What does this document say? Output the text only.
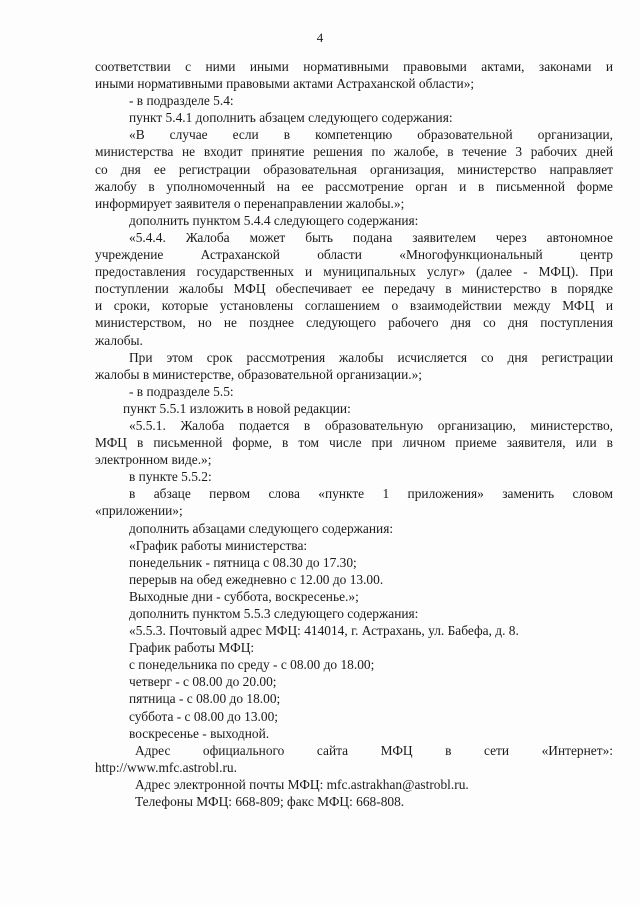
4
соответствии с ними иными нормативными правовыми актами, законами и
иными нормативными правовыми актами Астраханской области»;
- в подразделе 5.4:
пункт 5.4.1 дополнить абзацем следующего содержания:
«В случае если в компетенцию образовательной организации,
министерства не входит принятие решения по жалобе, в течение 3 рабочих дней
со дня ее регистрации образовательная организация, министерство направляет
жалобу в уполномоченный на ее рассмотрение орган и в письменной форме
информирует заявителя о перенаправлении жалобы.»;
дополнить пунктом 5.4.4 следующего содержания:
«5.4.4. Жалоба может быть подана заявителем через автономное
учреждение Астраханской области «Многофункциональный центр
предоставления государственных и муниципальных услуг» (далее - МФЦ). При
поступлении жалобы МФЦ обеспечивает ее передачу в министерство в порядке
и сроки, которые установлены соглашением о взаимодействии между МФЦ и
министерством, но не позднее следующего рабочего дня со дня поступления
жалобы.
При этом срок рассмотрения жалобы исчисляется со дня регистрации
жалобы в министерстве, образовательной организации.»;
- в подразделе 5.5:
пункт 5.5.1 изложить в новой редакции:
«5.5.1. Жалоба подается в образовательную организацию, министерство,
МФЦ в письменной форме, в том числе при личном приеме заявителя, или в
электронном виде.»;
в пункте 5.5.2:
в абзаце первом слова «пункте 1 приложения» заменить словом
«приложении»;
дополнить абзацами следующего содержания:
«График работы министерства:
понедельник - пятница с 08.30 до 17.30;
перерыв на обед ежедневно с 12.00 до 13.00.
Выходные дни - суббота, воскресенье.»;
дополнить пунктом 5.5.3 следующего содержания:
«5.5.3. Почтовый адрес МФЦ: 414014, г. Астрахань, ул. Бабефа, д. 8.
График работы МФЦ:
с понедельника по среду - с 08.00 до 18.00;
четверг - с 08.00 до 20.00;
пятница - с 08.00 до 18.00;
суббота - с 08.00 до 13.00;
воскресенье - выходной.
Адрес официального сайта МФЦ в сети «Интернет»:
http://www.mfc.astrobl.ru.
Адрес электронной почты МФЦ: mfc.astrakhan@astrobl.ru.
Телефоны МФЦ: 668-809; факс МФЦ: 668-808.
